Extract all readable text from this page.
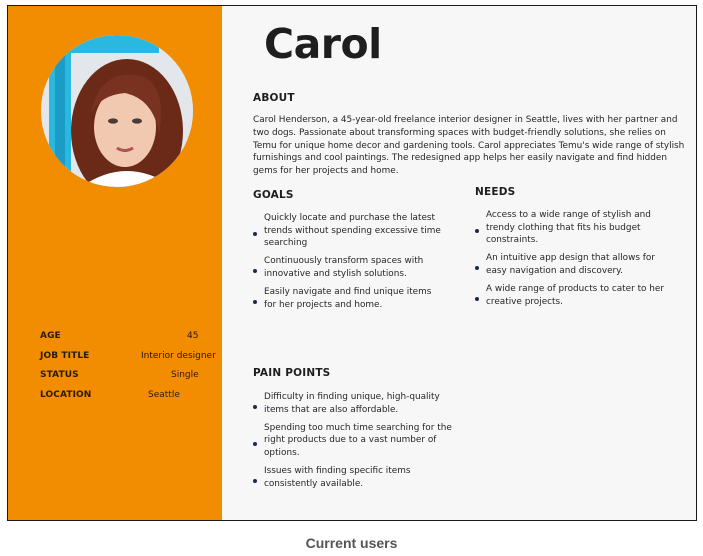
AGE	45
JOB TITLE	Interior designer
STATUS	Single
LOCATION	Seattle
Carol
ABOUT

Carol Henderson, a 45-year-old freelance interior designer in Seattle, lives with her partner and two dogs. Passionate about transforming spaces with budget-friendly solutions, she relies on Temu for unique home decor and gardening tools. Carol appreciates Temu's wide range of stylish furnishings and cool paintings. The redesigned app helps her easily navigate and find hidden gems for her projects and home.

GOALS
Quickly locate and purchase the latest trends without spending excessive time searching
Continuously transform spaces with innovative and stylish solutions.
Easily navigate and find unique items for her projects and home.
NEEDS
Access to a wide range of stylish and trendy clothing that fits his budget constraints.
An intuitive app design that allows for easy navigation and discovery.
A wide range of products to cater to her creative projects.
PAIN POINTS
Difficulty in finding unique, high-quality items that are also affordable.
Spending too much time searching for the right products due to a vast number of options.
Issues with finding specific items consistently available.
Current users
